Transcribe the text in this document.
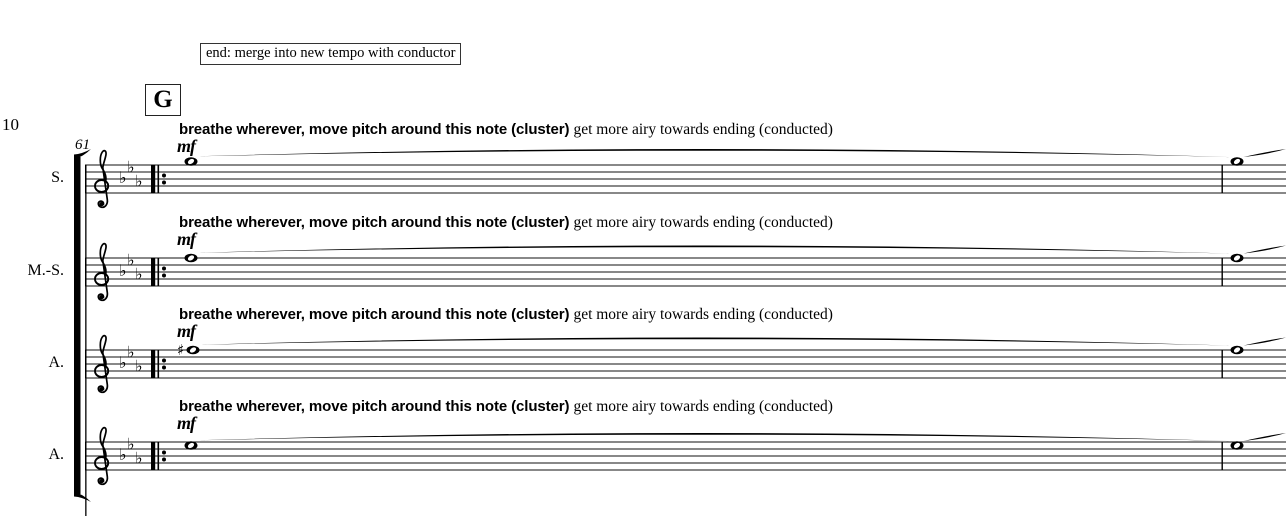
10
end: merge into new tempo with conductor
G
61
S.
breathe wherever, move pitch around this note (cluster) get more airy towards ending (conducted)
mf
♭
♭
♭
M.-S.
breathe wherever, move pitch around this note (cluster) get more airy towards ending (conducted)
mf
♭
♭
♭
A.
breathe wherever, move pitch around this note (cluster) get more airy towards ending (conducted)
mf
♭
♭
♭
♯
A.
breathe wherever, move pitch around this note (cluster) get more airy towards ending (conducted)
mf
♭
♭
♭
